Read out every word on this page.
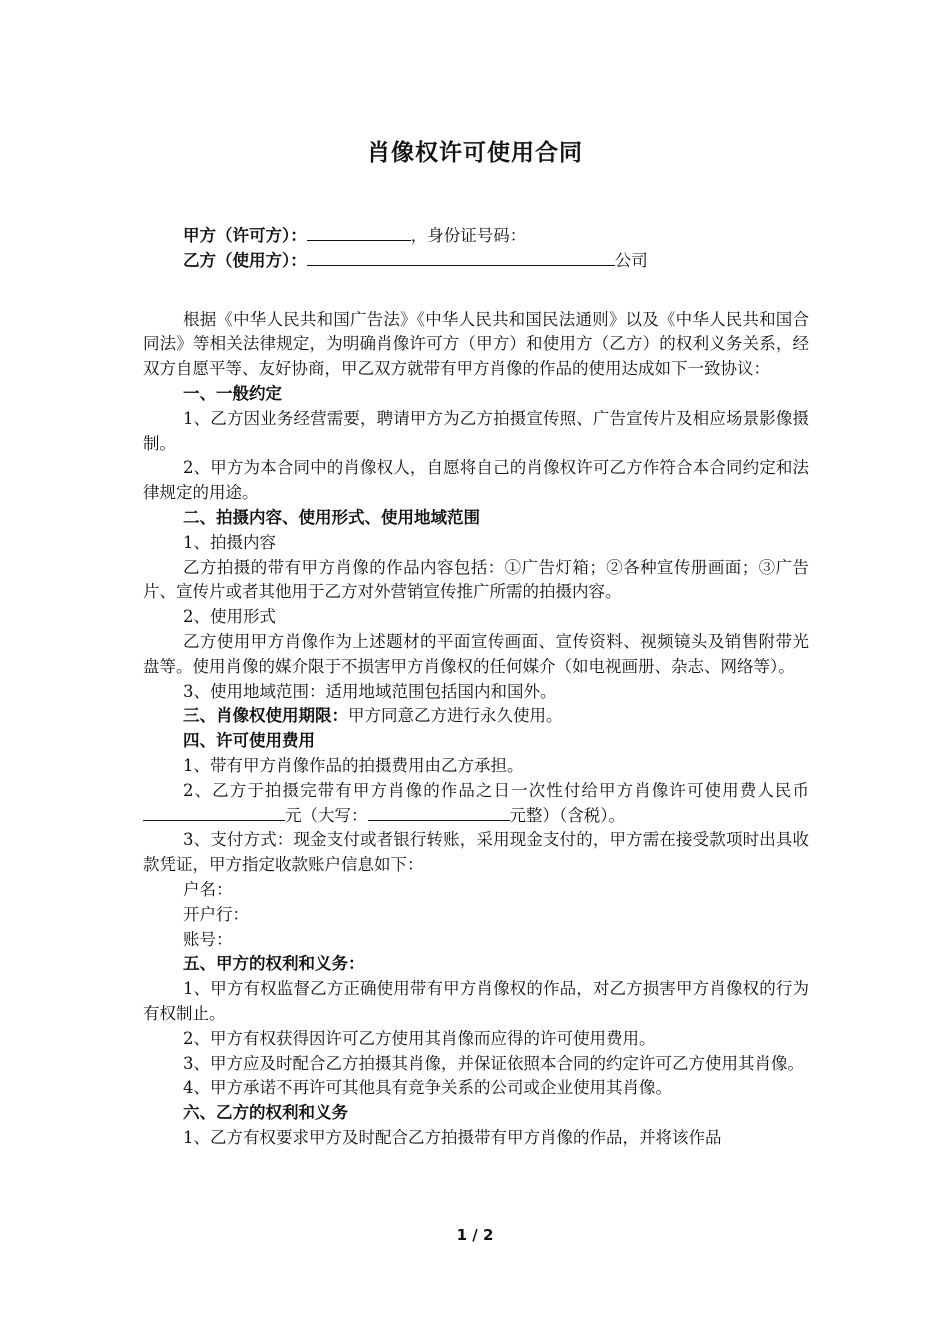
肖像权许可使用合同

甲方（许可方）：	，身份证号码：

乙方（使用方）：	公司

根据《中华人民共和国广告法》《中华人民共和国民法通则》以及《中华人民共和国合同法》等相关法律规定，为明确肖像许可方（甲方）和使用方（乙方）的权利义务关系，经双方自愿平等、友好协商，甲乙双方就带有甲方肖像的作品的使用达成如下一致协议：

一、一般约定

1、乙方因业务经营需要，聘请甲方为乙方拍摄宣传照、广告宣传片及相应场景影像摄制。

2、甲方为本合同中的肖像权人，自愿将自己的肖像权许可乙方作符合本合同约定和法律规定的用途。

二、拍摄内容、使用形式、使用地域范围

1、拍摄内容

乙方拍摄的带有甲方肖像的作品内容包括：①广告灯箱；②各种宣传册画面；③广告片、宣传片或者其他用于乙方对外营销宣传推广所需的拍摄内容。

2、使用形式

乙方使用甲方肖像作为上述题材的平面宣传画面、宣传资料、视频镜头及销售附带光盘等。使用肖像的媒介限于不损害甲方肖像权的任何媒介（如电视画册、杂志、网络等）。

3、使用地域范围：适用地域范围包括国内和国外。

三、肖像权使用期限：甲方同意乙方进行永久使用。

四、许可使用费用

1、带有甲方肖像作品的拍摄费用由乙方承担。

2、乙方于拍摄完带有甲方肖像的作品之日一次性付给甲方肖像许可使用费人民币元（大写：	元整）（含税）。

3、支付方式：现金支付或者银行转账，采用现金支付的，甲方需在接受款项时出具收款凭证，甲方指定收款账户信息如下：

户名：

开户行：

账号：

五、甲方的权利和义务：

1、甲方有权监督乙方正确使用带有甲方肖像权的作品，对乙方损害甲方肖像权的行为有权制止。

2、甲方有权获得因许可乙方使用其肖像而应得的许可使用费用。

3、甲方应及时配合乙方拍摄其肖像，并保证依照本合同的约定许可乙方使用其肖像。

4、甲方承诺不再许可其他具有竞争关系的公司或企业使用其肖像。

六、乙方的权利和义务

1、乙方有权要求甲方及时配合乙方拍摄带有甲方肖像的作品，并将该作品

1 / 2
